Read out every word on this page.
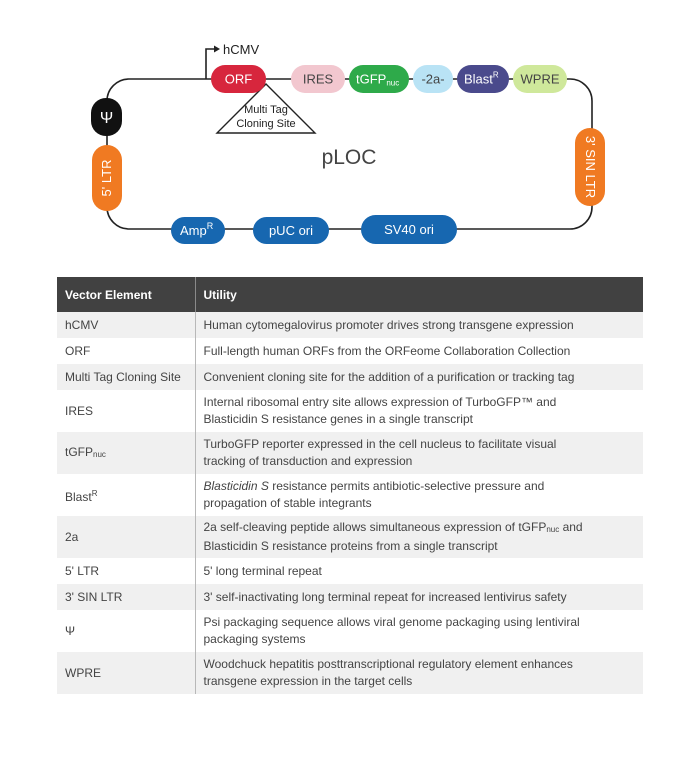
hCMV
Multi Tag
Cloning Site
ORF	IRES tGFPnuc -2a- Blast$^R$ WPRE
Ψ
5' LTR	3' SIN LTR
Amp$^R$	pUC ori	SV40 ori
pLOC
Vector Element	Utility
hCMV	Human cytomegalovirus promoter drives strong transgene expression
ORF	Full-length human ORFs from the ORFeome Collaboration Collection
Multi Tag Cloning Site	Convenient cloning site for the addition of a purification or tracking tag
IRES	Internal ribosomal entry site allows expression of TurboGFP™ and
Blasticidin S resistance genes in a single transcript
tGFP$_{nuc}$	TurboGFP reporter expressed in the cell nucleus to facilitate visual
tracking of transduction and expression
Blast$^R$	Blasticidin S resistance permits antibiotic-selective pressure and
propagation of stable integrants
2a	2a self-cleaving peptide allows simultaneous expression of tGFP$_{nuc}$ and
Blasticidin S resistance proteins from a single transcript
5' LTR	5' long terminal repeat
3' SIN LTR	3' self-inactivating long terminal repeat for increased lentivirus safety
Ψ	Psi packaging sequence allows viral genome packaging using lentiviral
packaging systems
WPRE	Woodchuck hepatitis posttranscriptional regulatory element enhances
transgene expression in the target cells
